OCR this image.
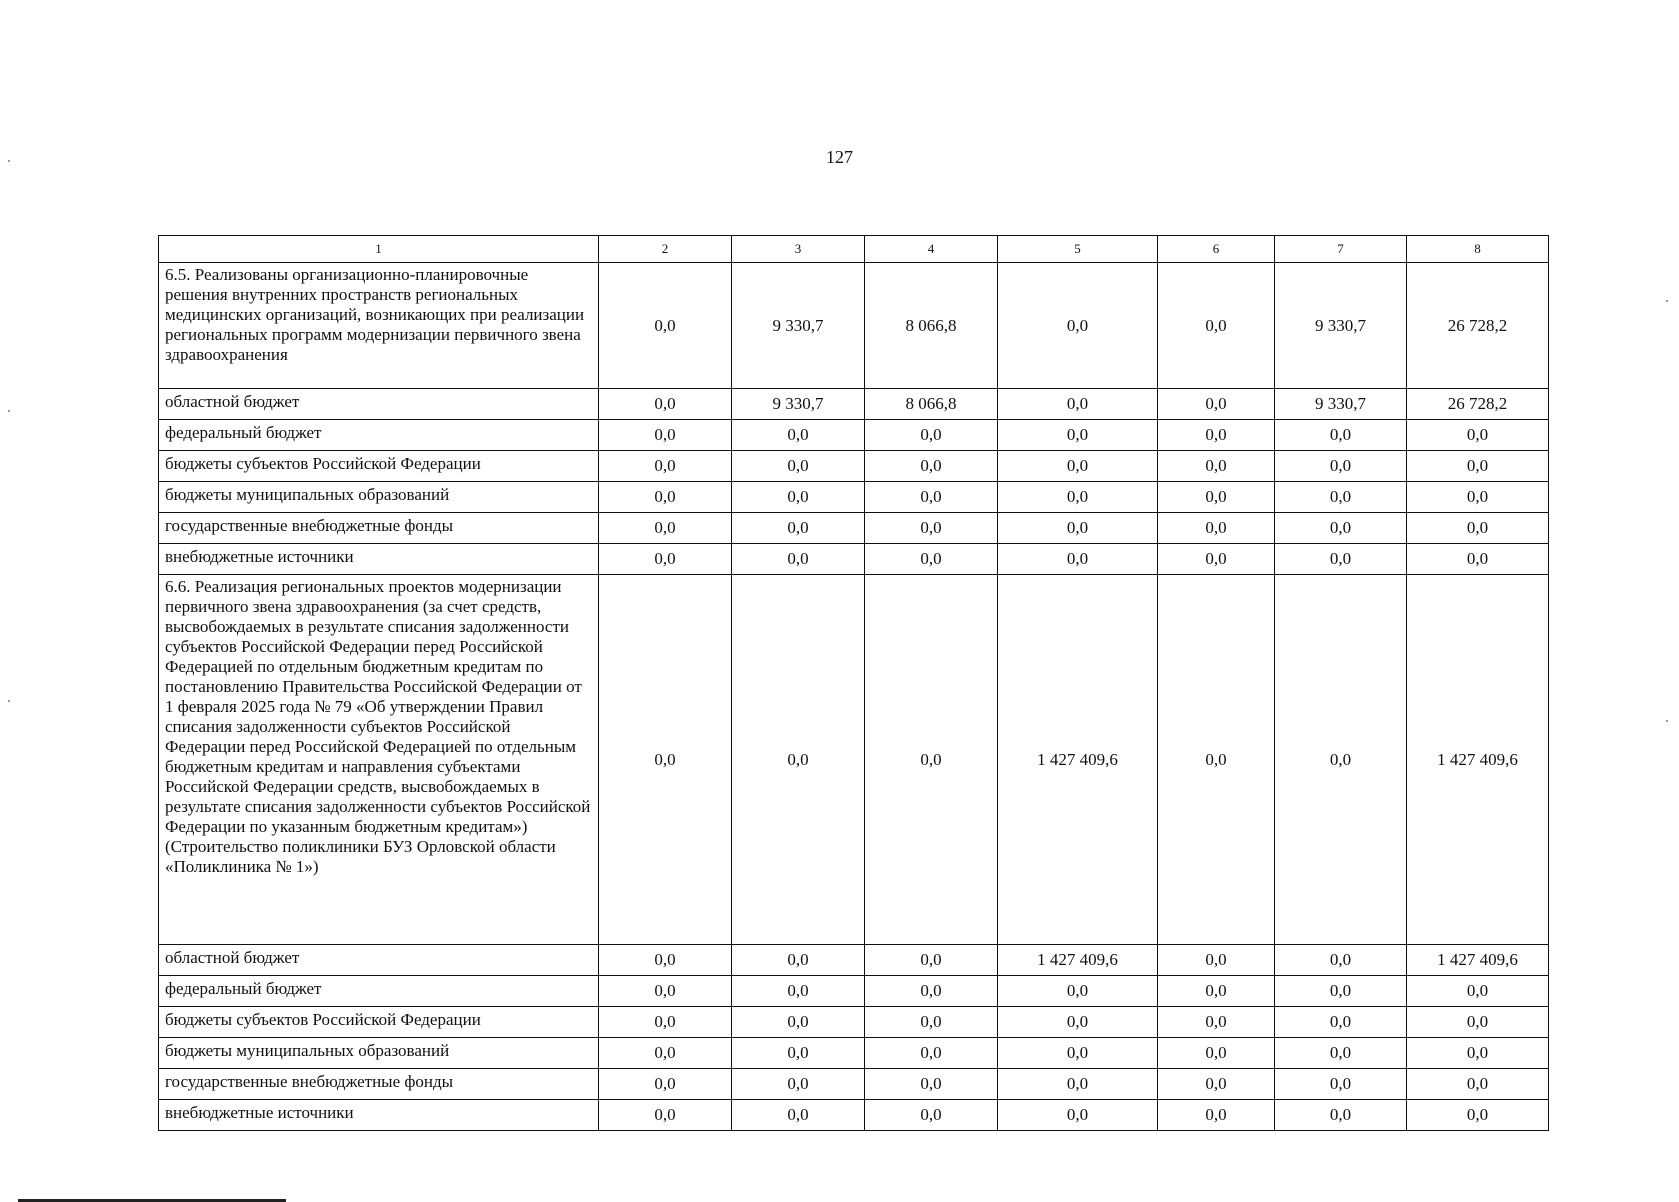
127
1	2	3	4	5	6	7	8
6.5. Реализованы организационно-планировочные решения внутренних пространств региональных медицинских организаций, возникающих при реализации региональных программ модернизации первичного звена здравоохранения	0,0	9 330,7	8 066,8	0,0	0,0	9 330,7	26 728,2
областной бюджет	0,0	9 330,7	8 066,8	0,0	0,0	9 330,7	26 728,2
федеральный бюджет	0,0	0,0	0,0	0,0	0,0	0,0	0,0
бюджеты субъектов Российской Федерации	0,0	0,0	0,0	0,0	0,0	0,0	0,0
бюджеты муниципальных образований	0,0	0,0	0,0	0,0	0,0	0,0	0,0
государственные внебюджетные фонды	0,0	0,0	0,0	0,0	0,0	0,0	0,0
внебюджетные источники	0,0	0,0	0,0	0,0	0,0	0,0	0,0
6.6. Реализация региональных проектов модернизации первичного звена здравоохранения (за счет средств, высвобождаемых в результате списания задолженности субъектов Российской Федерации перед Российской Федерацией по отдельным бюджетным кредитам по постановлению Правительства Российской Федерации от 1 февраля 2025 года № 79 «Об утверждении Правил списания задолженности субъектов Российской Федерации перед Российской Федерацией по отдельным бюджетным кредитам и направления субъектами Российской Федерации средств, высвобождаемых в результате списания задолженности субъектов Российской Федерации по указанным бюджетным кредитам») (Строительство поликлиники БУЗ Орловской области «Поликлиника № 1»)	0,0	0,0	0,0	1 427 409,6	0,0	0,0	1 427 409,6
областной бюджет	0,0	0,0	0,0	1 427 409,6	0,0	0,0	1 427 409,6
федеральный бюджет	0,0	0,0	0,0	0,0	0,0	0,0	0,0
бюджеты субъектов Российской Федерации	0,0	0,0	0,0	0,0	0,0	0,0	0,0
бюджеты муниципальных образований	0,0	0,0	0,0	0,0	0,0	0,0	0,0
государственные внебюджетные фонды	0,0	0,0	0,0	0,0	0,0	0,0	0,0
внебюджетные источники	0,0	0,0	0,0	0,0	0,0	0,0	0,0
